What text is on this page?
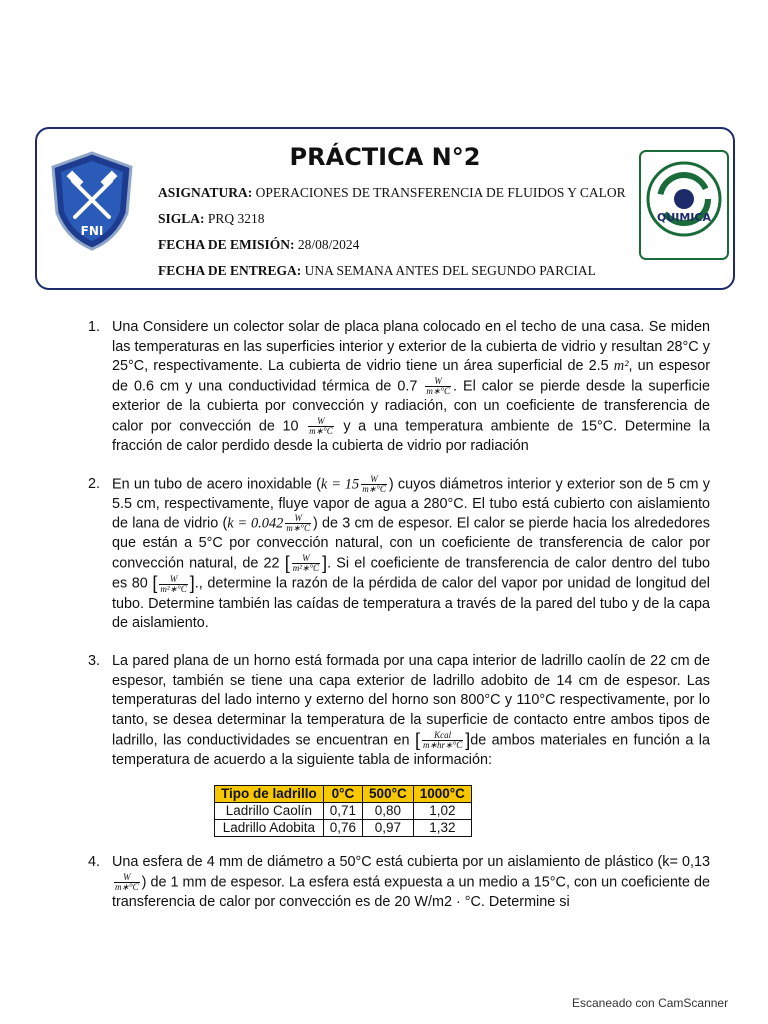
FNI
PRÁCTICA N°2
ASIGNATURA: OPERACIONES DE TRANSFERENCIA DE FLUIDOS Y CALOR
SIGLA: PRQ 3218
FECHA DE EMISIÓN: 28/08/2024
FECHA DE ENTREGA: UNA SEMANA ANTES DEL SEGUNDO PARCIAL
QUIMICA
1. Una Considere un colector solar de placa plana colocado en el techo de una casa. Se miden las temperaturas en las superficies interior y exterior de la cubierta de vidrio y resultan 28°C y 25°C, respectivamente. La cubierta de vidrio tiene un área superficial de 2.5 m², un espesor de 0.6 cm y una conductividad térmica de $0.7 \frac{W}{m∗^\circ C}$ . El calor se pierde desde la superficie exterior de la cubierta por convección y radiación, con un coeficiente de transferencia de calor por convección de $10 \frac{W}{m∗^\circ C}$ y a una temperatura ambiente de 15°C. Determine la fracción de calor perdido desde la cubierta de vidrio por radiación
2. En un tubo de acero inoxidable ($k = 15 \frac{W}{m∗^\circ C}$ ) cuyos diámetros interior y exterior son de 5 cm y 5.5 cm, respectivamente, fluye vapor de agua a 280°C. El tubo está cubierto con aislamiento de lana de vidrio ($k = 0.042 \frac{W}{m∗^\circ C}$ ) de 3 cm de espesor. El calor se pierde hacia los alrededores que están a 5°C por convección natural, con un coeficiente de transferencia de calor por convección natural, de 22 [ $\frac{W}{\text{m²∗°C}}$ ]. Si el coeficiente de transferencia de calor dentro del tubo es 80 [ $\frac{W}{\text{m²∗°C}}$ ]., determine la razón de la pérdida de calor del vapor por unidad de longitud del tubo. Determine también las caídas de temperatura a través de la pared del tubo y de la capa de aislamiento.
3. La pared plana de un horno está formada por una capa interior de ladrillo caolín de 22 cm de espesor, también se tiene una capa exterior de ladrillo adobito de 14 cm de espesor. Las temperaturas del lado interno y externo del horno son 800°C y 110°C respectivamente, por lo tanto, se desea determinar la temperatura de la superficie de contacto entre ambos tipos de ladrillo, las conductividades se encuentran en [ $\frac{\text{Kcal}}{m∗hr∗^\circ C} ]de$ ambos materiales en función a la temperatura de acuerdo a la siguiente tabla de información:
Tipo de ladrillo	0°C	500°C	1000°C
Ladrillo Caolín	0,71	0,80	1,02
Ladrillo Adobita	0,76	0,97	1,32
4. Una esfera de 4 mm de diámetro a 50°C está cubierta por un aislamiento de plástico (k= 0,13
$\frac{W}{m∗^\circ C}$ ) de 1 mm de espesor. La esfera está expuesta a un medio a 15°C, con un coeficiente de transferencia de calor por convección es de 20 W/m2 · °C. Determine si
Escaneado con CamScanner
